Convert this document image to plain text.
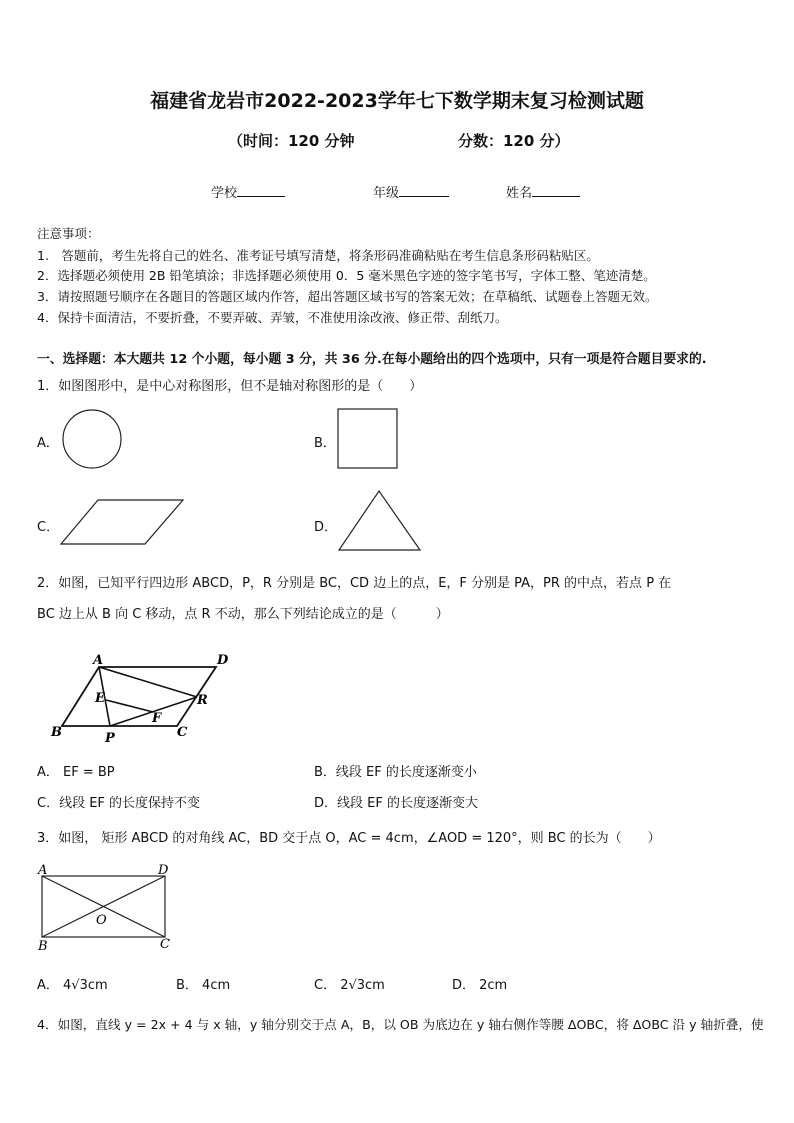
福建省龙岩市2022-2023学年七下数学期末复习检测试题
（时间：120 分钟	分数：120 分）
学校	年级	姓名
注意事项：
1.　答题前，考生先将自己的姓名、准考证号填写清楚，将条形码准确粘贴在考生信息条形码粘贴区。
2．选择题必须使用 2B 铅笔填涂；非选择题必须使用 0．5 毫米黑色字迹的签字笔书写，字体工整、笔迹清楚。
3．请按照题号顺序在各题目的答题区域内作答，超出答题区域书写的答案无效；在草稿纸、试题卷上答题无效。
4．保持卡面清洁，不要折叠，不要弄破、弄皱，不准使用涂改液、修正带、刮纸刀。
一、选择题：本大题共 12 个小题，每小题 3 分，共 36 分.在每小题给出的四个选项中，只有一项是符合题目要求的.
1．如图图形中，是中心对称图形，但不是轴对称图形的是（　　）
A．	B．
C．	D．
2．如图，已知平行四边形 ABCD，P，R 分别是 BC，CD 边上的点，E，F 分别是 PA，PR 的中点，若点 P 在
BC 边上从 B 向 C 移动，点 R 不动，那么下列结论成立的是（　　　）
A	D
E	R
F
B	P	C
A． EF = BP	B．线段 EF 的长度逐渐变小
C．线段 EF 的长度保持不变	D．线段 EF 的长度逐渐变大
3．如图， 矩形 ABCD 的对角线 AC，BD 交于点 O，AC = 4cm，∠AOD = 120°，则 BC 的长为（　　）
A	D
O
B	C
A． 4√3cm	B． 4cm	C． 2√3cm	D． 2cm
4．如图，直线 y = 2x + 4 与 x 轴，y 轴分别交于点 A，B，以 OB 为底边在 y 轴右侧作等腰 ΔOBC，将 ΔOBC 沿 y 轴折叠，使
